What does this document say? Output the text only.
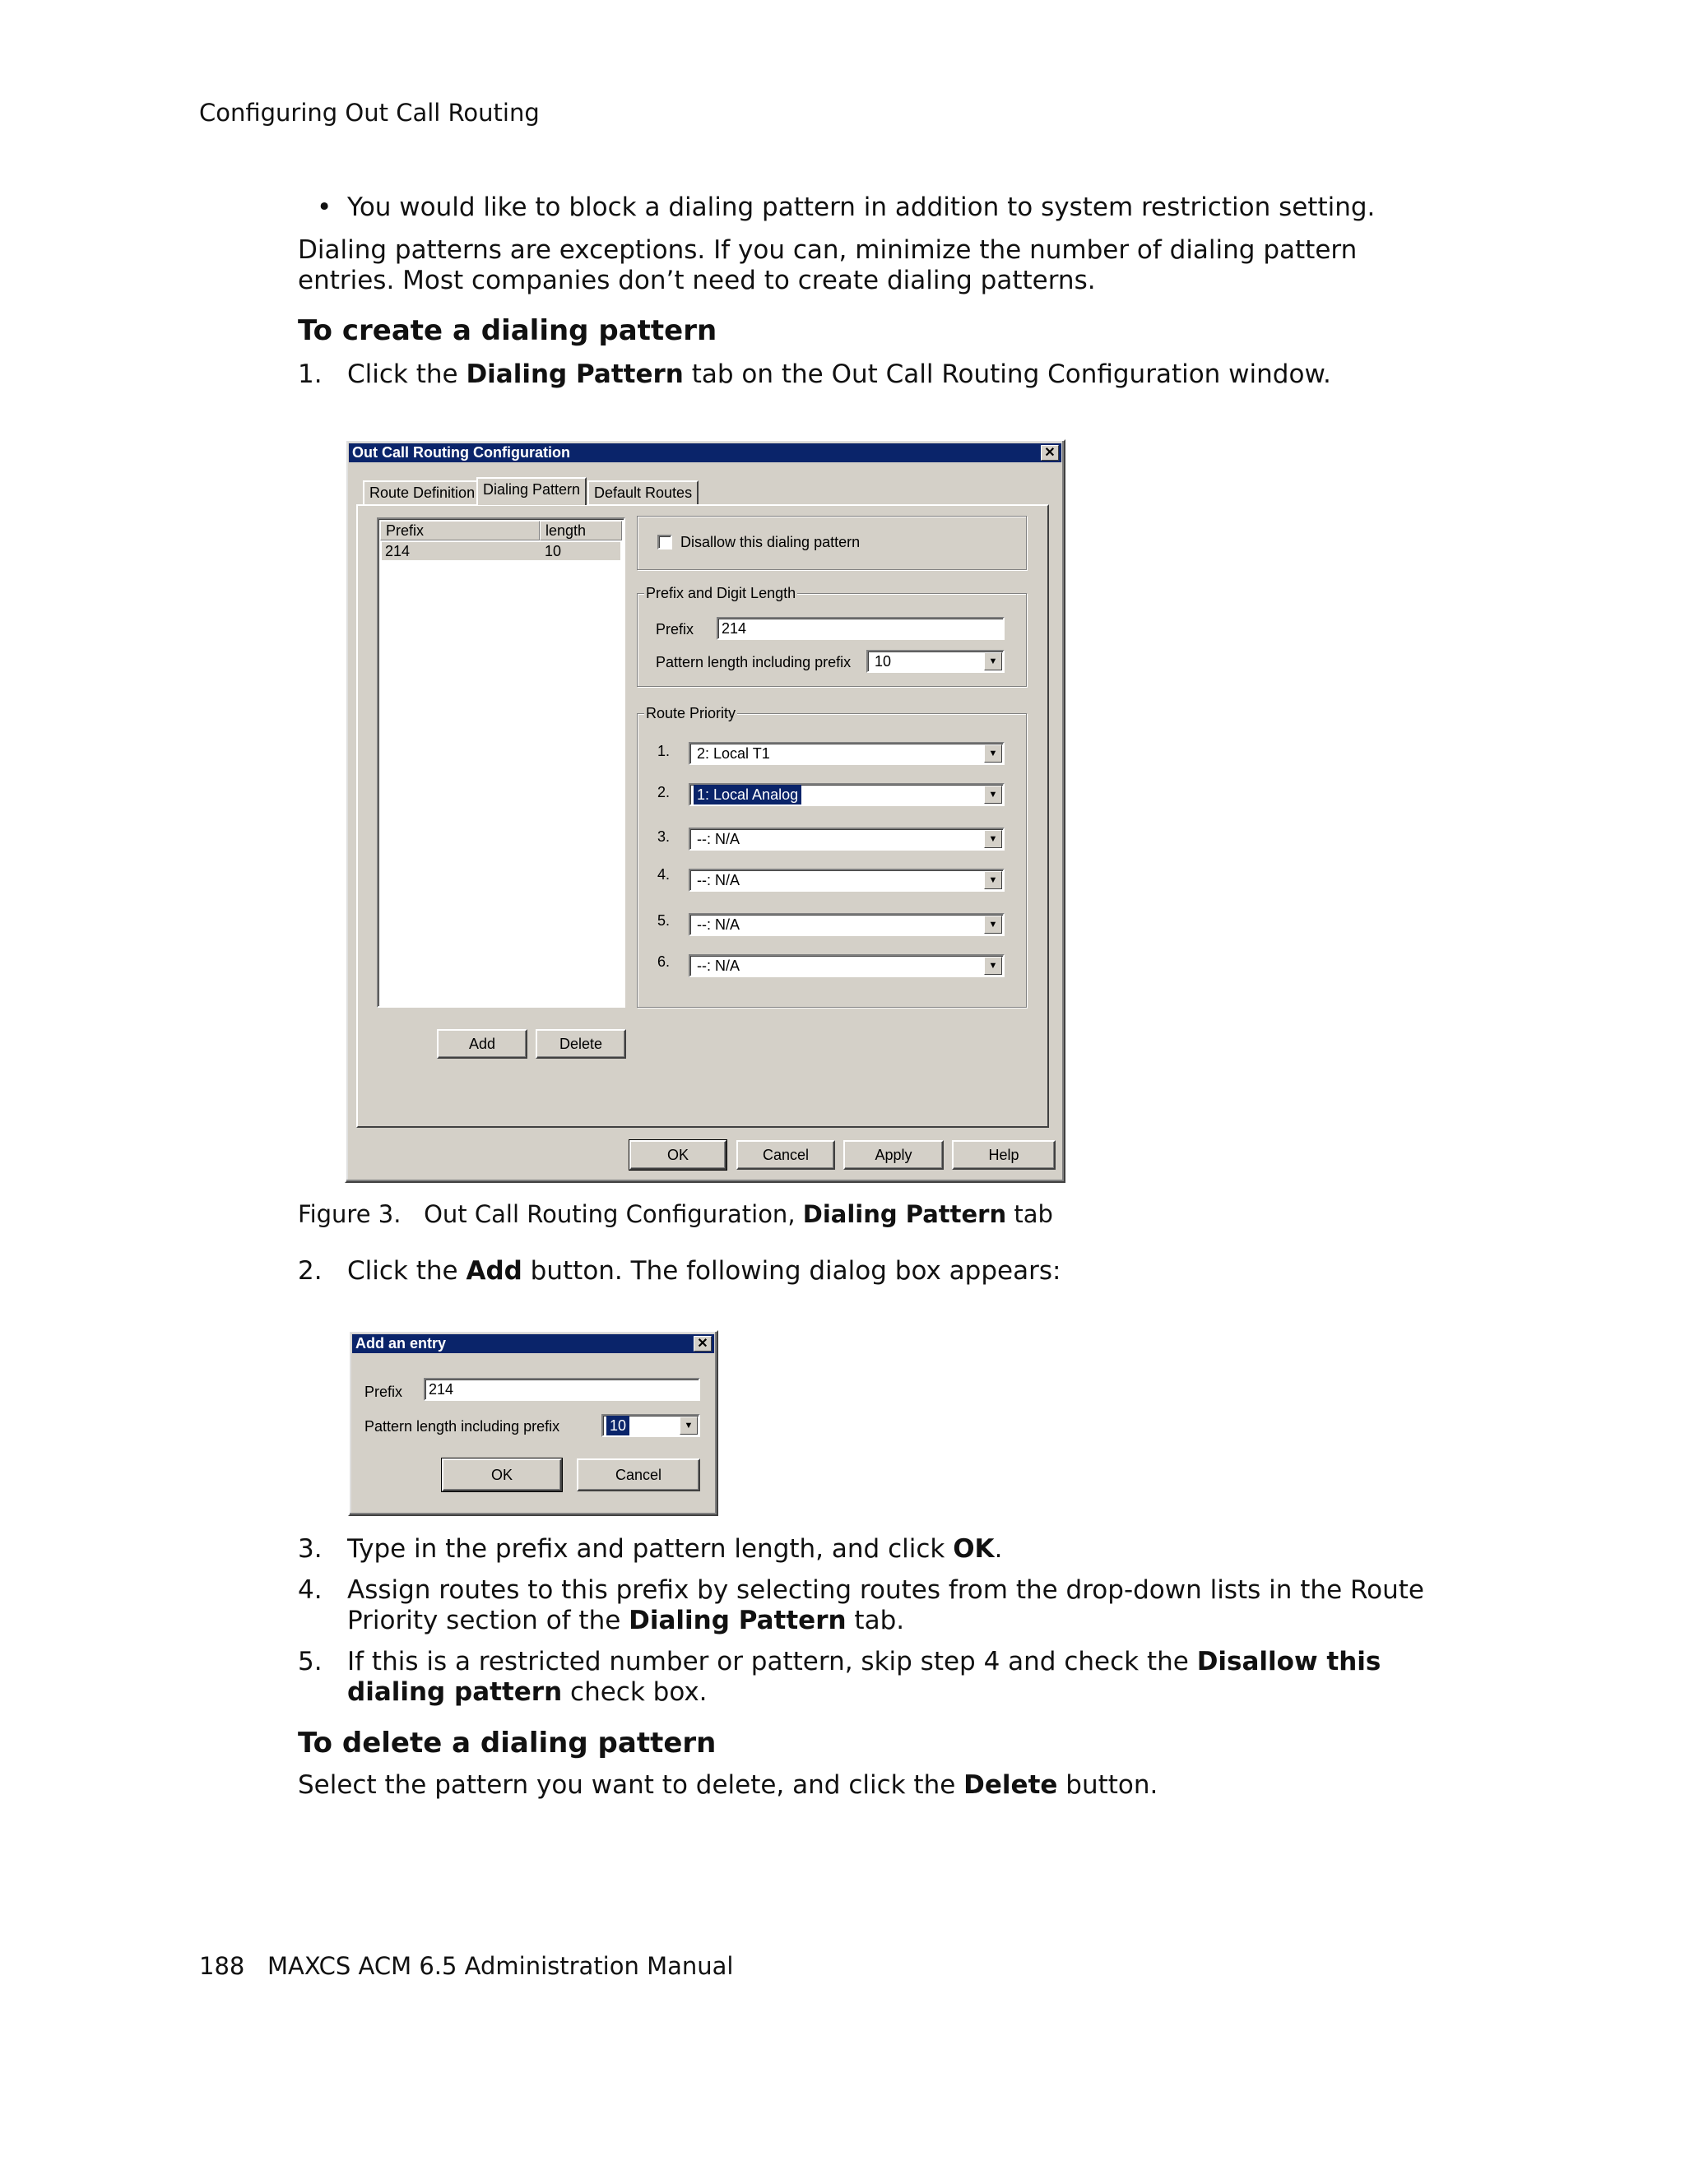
Configuring Out Call Routing
• You would like to block a dialing pattern in addition to system restriction setting.
Dialing patterns are exceptions. If you can, minimize the number of dialing pattern
entries. Most companies don’t need to create dialing patterns.
To create a dialing pattern
1. Click the Dialing Pattern tab on the Out Call Routing Configuration window.
Out Call Routing Configuration	✕
Route Definition Dialing Pattern Default Routes
Prefix	length
214	10
Disallow this dialing pattern
Prefix and Digit Length
Prefix	214
Pattern length including prefix	10	▼
Route Priority
1.	2: Local T1	▼
2.	1: Local Analog	▼
3.	--: N/A	▼
4.	--: N/A	▼
5.	--: N/A	▼
6.	--: N/A	▼
Add	Delete
OK	Cancel	Apply	Help
Figure 3. Out Call Routing Configuration, Dialing Pattern tab
2. Click the Add button. The following dialog box appears:
Add an entry	✕
Prefix	214
Pattern length including prefix	10	▼
OK	Cancel
3. Type in the prefix and pattern length, and click OK.
4. Assign routes to this prefix by selecting routes from the drop-down lists in the Route
Priority section of the Dialing Pattern tab.
5. If this is a restricted number or pattern, skip step 4 and check the Disallow this
dialing pattern check box.
To delete a dialing pattern
Select the pattern you want to delete, and click the Delete button.
188 MAXCS ACM 6.5 Administration Manual
